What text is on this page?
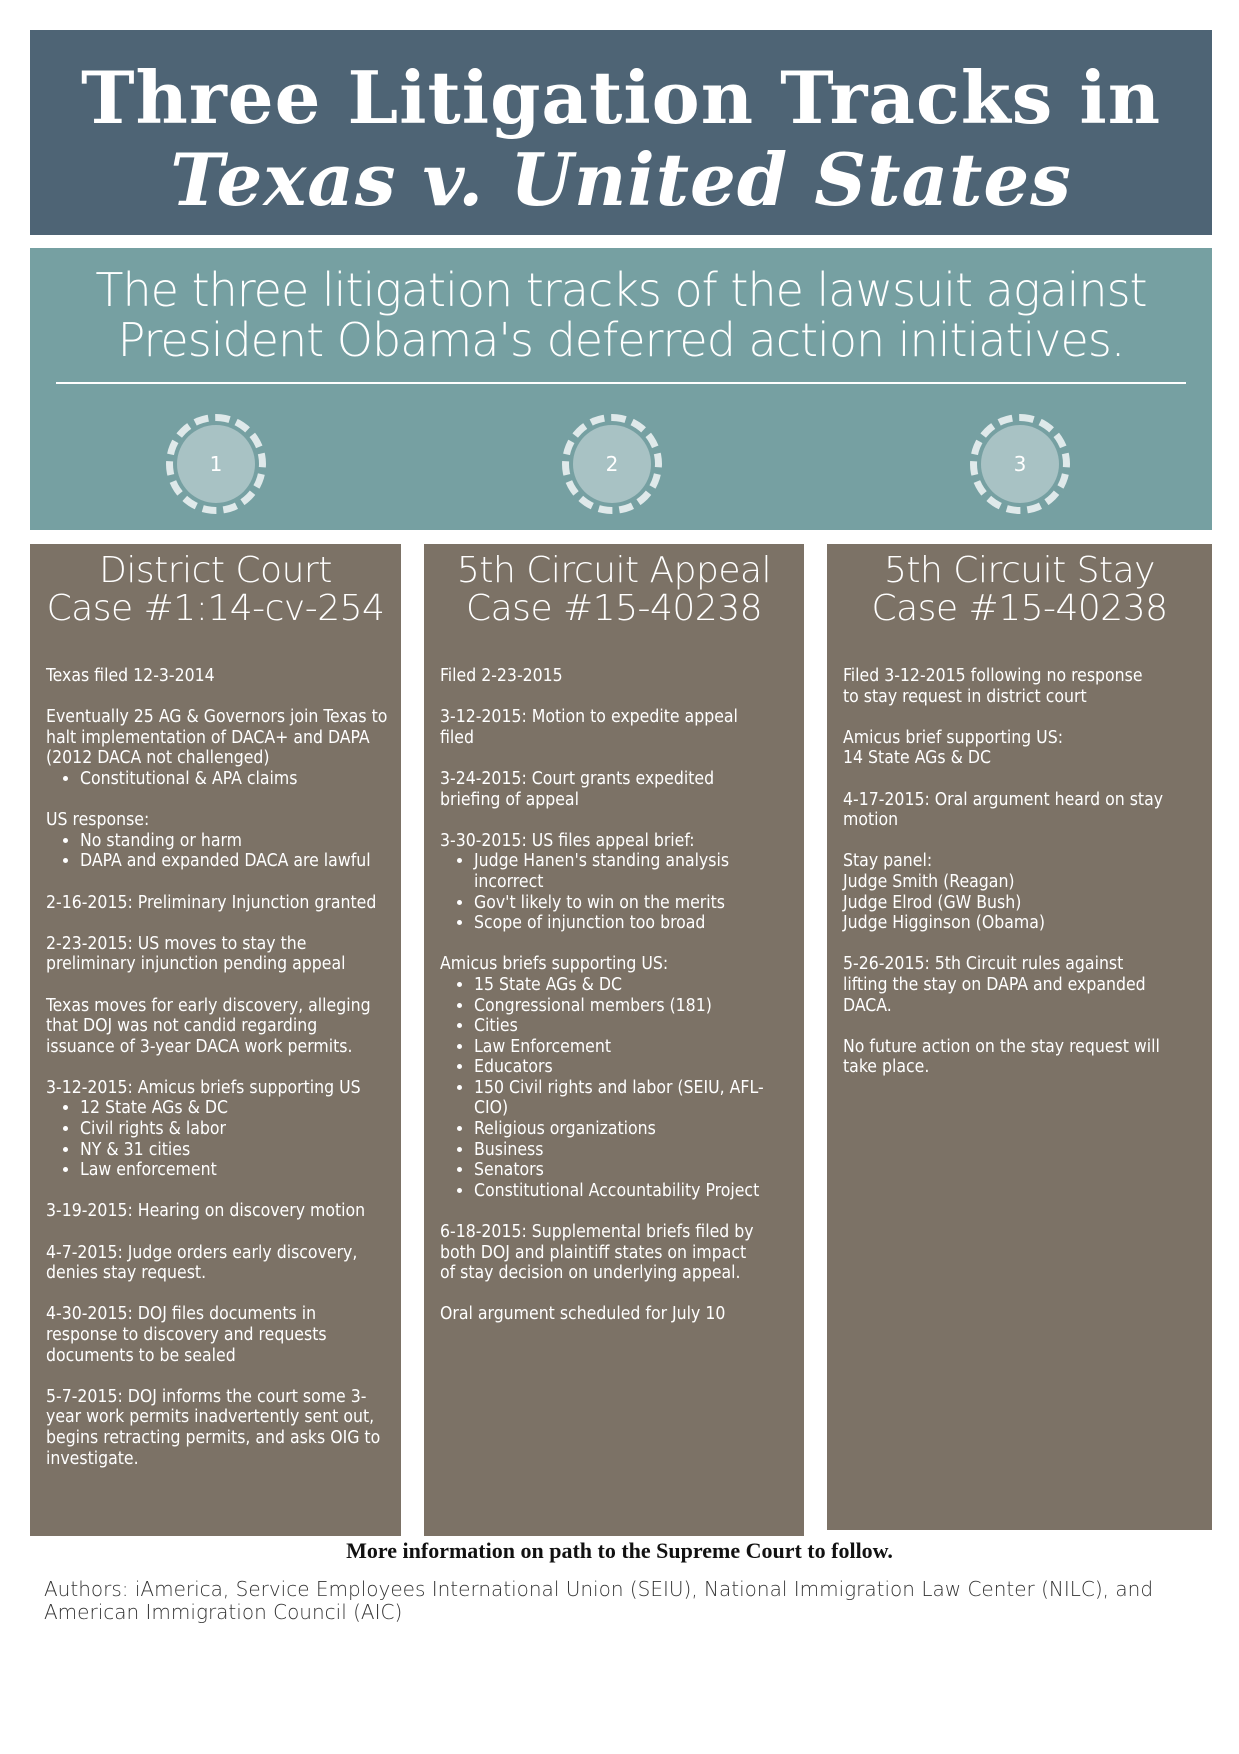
Three Litigation Tracks in
Texas v. United States
The three litigation tracks of the lawsuit against
President Obama's deferred action initiatives.
1	2	3
District Court
Case #1:14-cv-254
Texas filed 12-3-2014
Eventually 25 AG & Governors join Texas to
halt implementation of DACA+ and DAPA
(2012 DACA not challenged)
• Constitutional & APA claims
US response:
• No standing or harm
• DAPA and expanded DACA are lawful
2-16-2015: Preliminary Injunction granted
2-23-2015: US moves to stay the
preliminary injunction pending appeal
Texas moves for early discovery, alleging
that DOJ was not candid regarding
issuance of 3-year DACA work permits.
3-12-2015: Amicus briefs supporting US
• 12 State AGs & DC
• Civil rights & labor
• NY & 31 cities
• Law enforcement
3-19-2015: Hearing on discovery motion
4-7-2015: Judge orders early discovery,
denies stay request.
4-30-2015: DOJ files documents in
response to discovery and requests
documents to be sealed
5-7-2015: DOJ informs the court some 3-
year work permits inadvertently sent out,
begins retracting permits, and asks OIG to
investigate.
5th Circuit Appeal
Case #15-40238
Filed 2-23-2015
3-12-2015: Motion to expedite appeal
filed
3-24-2015: Court grants expedited
briefing of appeal
3-30-2015: US files appeal brief:
• Judge Hanen's standing analysis incorrect
• Gov't likely to win on the merits
• Scope of injunction too broad
Amicus briefs supporting US:
• 15 State AGs & DC
• Congressional members (181)
• Cities
• Law Enforcement
• Educators
• 150 Civil rights and labor (SEIU, AFL-CIO)
• Religious organizations
• Business
• Senators
• Constitutional Accountability Project
6-18-2015: Supplemental briefs filed by
both DOJ and plaintiff states on impact
of stay decision on underlying appeal.
Oral argument scheduled for July 10
5th Circuit Stay
Case #15-40238
Filed 3-12-2015 following no response
to stay request in district court
Amicus brief supporting US:
14 State AGs & DC
4-17-2015: Oral argument heard on stay
motion
Stay panel:
Judge Smith (Reagan)
Judge Elrod (GW Bush)
Judge Higginson (Obama)
5-26-2015: 5th Circuit rules against
lifting the stay on DAPA and expanded
DACA.
No future action on the stay request will
take place.
More information on path to the Supreme Court to follow.
Authors: iAmerica, Service Employees International Union (SEIU), National Immigration Law Center (NILC), and American Immigration Council (AIC)
